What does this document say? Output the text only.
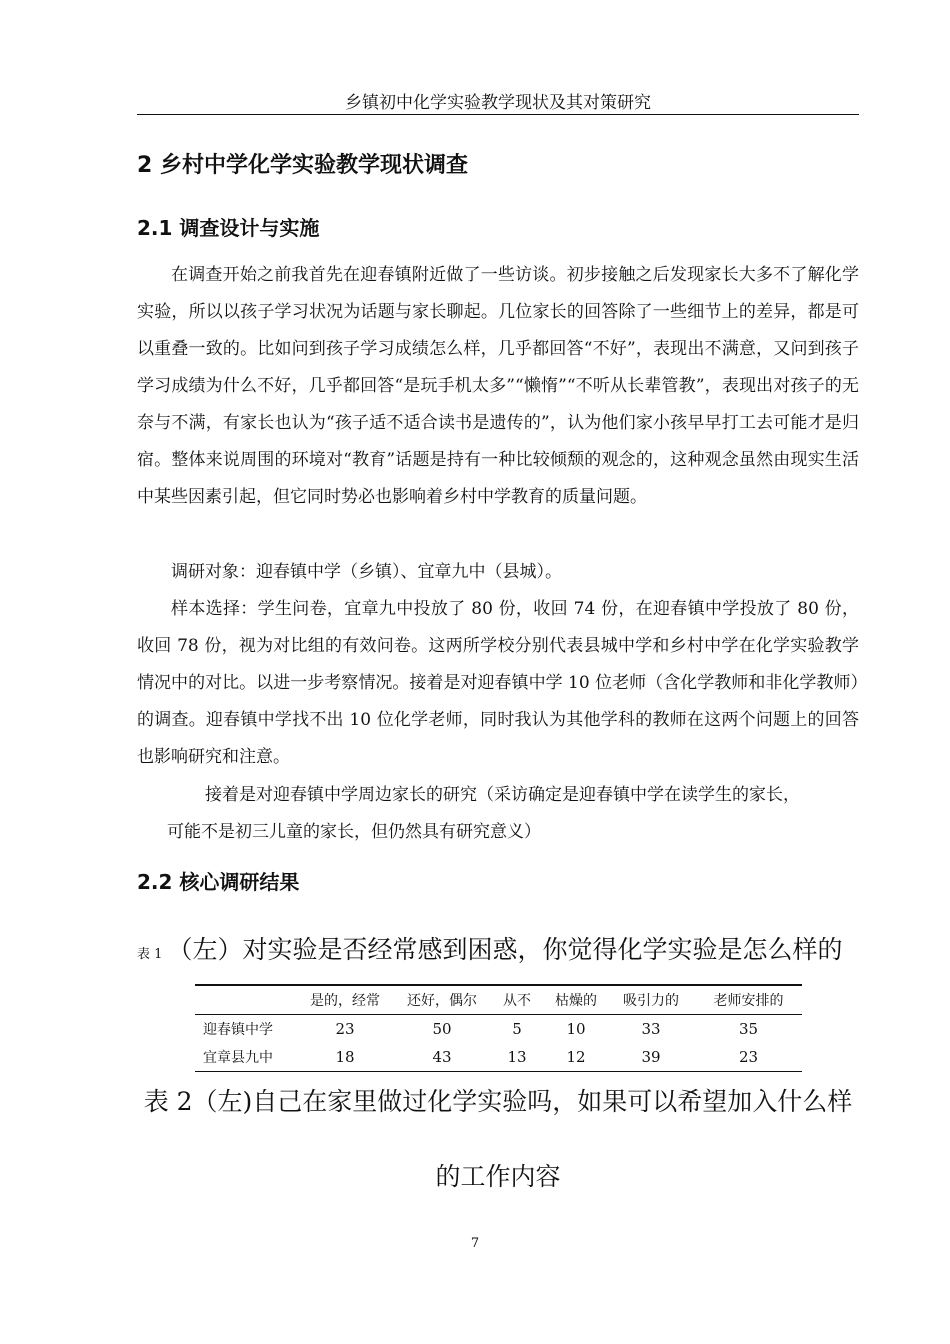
乡镇初中化学实验教学现状及其对策研究
2 乡村中学化学实验教学现状调查
2.1 调查设计与实施
在调查开始之前我首先在迎春镇附近做了一些访谈。初步接触之后发现家长大多不了解化学实验，所以以孩子学习状况为话题与家长聊起。几位家长的回答除了一些细节上的差异，都是可以重叠一致的。比如问到孩子学习成绩怎么样，几乎都回答“不好”，表现出不满意，又问到孩子学习成绩为什么不好，几乎都回答“是玩手机太多”“懒惰”“不听从长辈管教”，表现出对孩子的无奈与不满，有家长也认为“孩子适不适合读书是遗传的”，认为他们家小孩早早打工去可能才是归宿。整体来说周围的环境对“教育”话题是持有一种比较倾颓的观念的，这种观念虽然由现实生活中某些因素引起，但它同时势必也影响着乡村中学教育的质量问题。
调研对象：迎春镇中学（乡镇）、宜章九中（县城）。
样本选择：学生问卷，宜章九中投放了 80 份，收回 74 份，在迎春镇中学投放了 80 份，收回 78 份，视为对比组的有效问卷。这两所学校分别代表县城中学和乡村中学在化学实验教学情况中的对比。以进一步考察情况。接着是对迎春镇中学 10 位老师（含化学教师和非化学教师）的调查。迎春镇中学找不出 10 位化学老师，同时我认为其他学科的教师在这两个问题上的回答也影响研究和注意。
接着是对迎春镇中学周边家长的研究（采访确定是迎春镇中学在读学生的家长，
可能不是初三儿童的家长，但仍然具有研究意义）
2.2 核心调研结果
表 1 （左）对实验是否经常感到困惑，你觉得化学实验是怎么样的
	是的，经常	还好，偶尔	从不	枯燥的	吸引力的	老师安排的
迎春镇中学	23	50	5	10	33	35
宜章县九中	18	43	13	12	39	23
表 2（左)自己在家里做过化学实验吗，如果可以希望加入什么样
的工作内容
7
